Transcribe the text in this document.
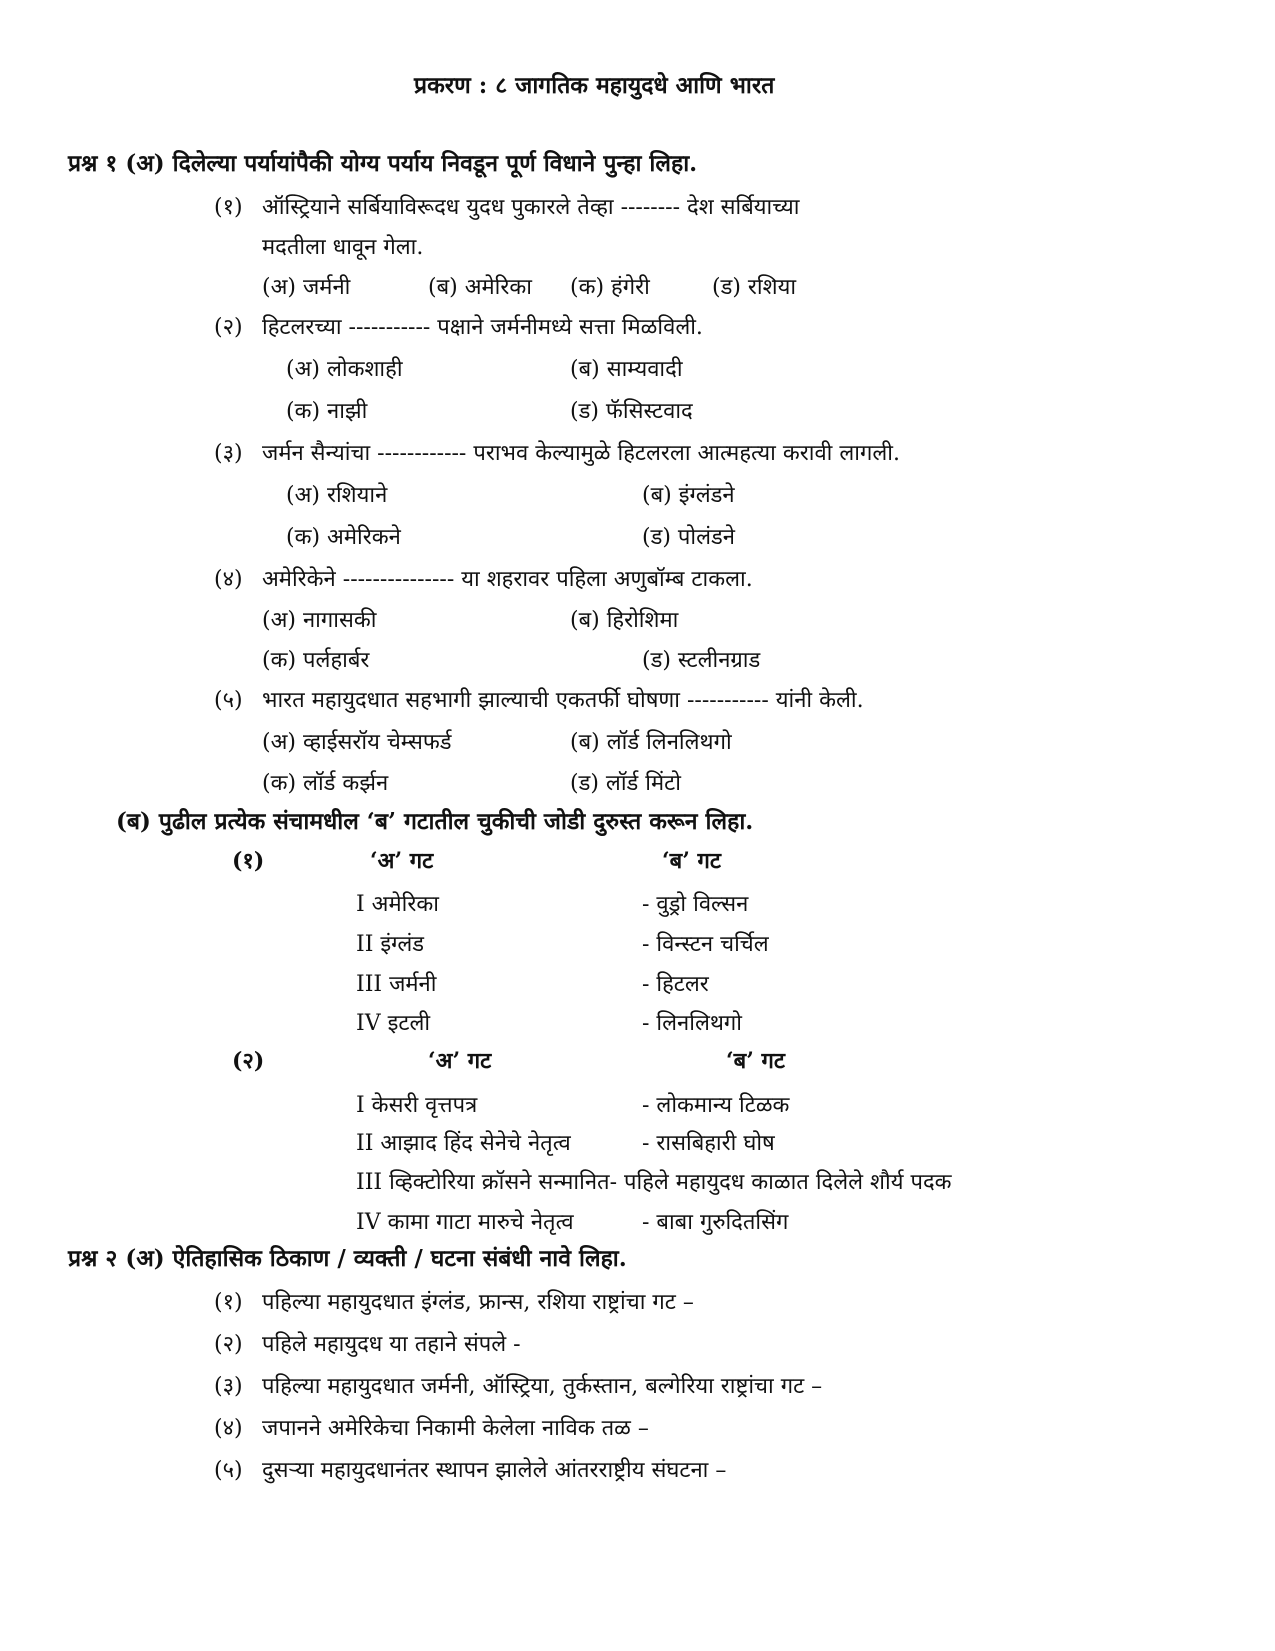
प्रकरण : ८ जागतिक महायुदधे आणि भारत
प्रश्न १ (अ) दिलेल्या पर्यायांपैकी योग्य पर्याय निवडून पूर्ण विधाने पुन्हा लिहा.
(१) ऑस्ट्रियाने सर्बियाविरूदध युदध पुकारले तेव्हा -------- देश सर्बियाच्या
मदतीला धावून गेला.
(अ) जर्मनी	(ब) अमेरिका (क) हंगेरी	(ड) रशिया
(२) हिटलरच्या ----------- पक्षाने जर्मनीमध्ये सत्ता मिळविली.
(अ) लोकशाही	(ब) साम्यवादी
(क) नाझी	(ड) फॅसिस्टवाद
(३) जर्मन सैन्यांचा ------------ पराभव केल्यामुळे हिटलरला आत्महत्या करावी लागली.
(अ) रशियाने	(ब) इंग्लंडने
(क) अमेरिकने	(ड) पोलंडने
(४) अमेरिकेने --------------- या शहरावर पहिला अणुबॉम्ब टाकला.
(अ) नागासकी	(ब) हिरोशिमा
(क) पर्लहार्बर	(ड) स्टलीनग्राड
(५) भारत महायुदधात सहभागी झाल्याची एकतर्फी घोषणा ----------- यांनी केली.
(अ) व्हाईसरॉय चेम्सफर्ड	(ब) लॉर्ड लिनलिथगो
(क) लॉर्ड कर्झन	(ड) लॉर्ड मिंटो
(ब) पुढील प्रत्येक संचामधील ‘ब’ गटातील चुकीची जोडी दुरुस्त करून लिहा.
(१)	‘अ’ गट	‘ब’ गट
I अमेरिका	- वुड्रो विल्सन
II इंग्लंड	- विन्स्टन चर्चिल
III जर्मनी	- हिटलर
IV इटली	- लिनलिथगो
(२)	‘अ’ गट	‘ब’ गट
I केसरी वृत्तपत्र	- लोकमान्य टिळक
II आझाद हिंद सेनेचे नेतृत्व	- रासबिहारी घोष
III व्हिक्टोरिया क्रॉसने सन्मानित- पहिले महायुदध काळात दिलेले शौर्य पदक
IV कामा गाटा मारुचे नेतृत्व	- बाबा गुरुदितसिंग
प्रश्न २ (अ) ऐतिहासिक ठिकाण / व्यक्ती / घटना संबंधी नावे लिहा.
(१) पहिल्या महायुदधात इंग्लंड, फ्रान्स, रशिया राष्ट्रांचा गट –
(२) पहिले महायुदध या तहाने संपले -
(३) पहिल्या महायुदधात जर्मनी, ऑस्ट्रिया, तुर्कस्तान, बल्गेरिया राष्ट्रांचा गट –
(४) जपानने अमेरिकेचा निकामी केलेला नाविक तळ –
(५) दुसऱ्या महायुदधानंतर स्थापन झालेले आंतरराष्ट्रीय संघटना –
